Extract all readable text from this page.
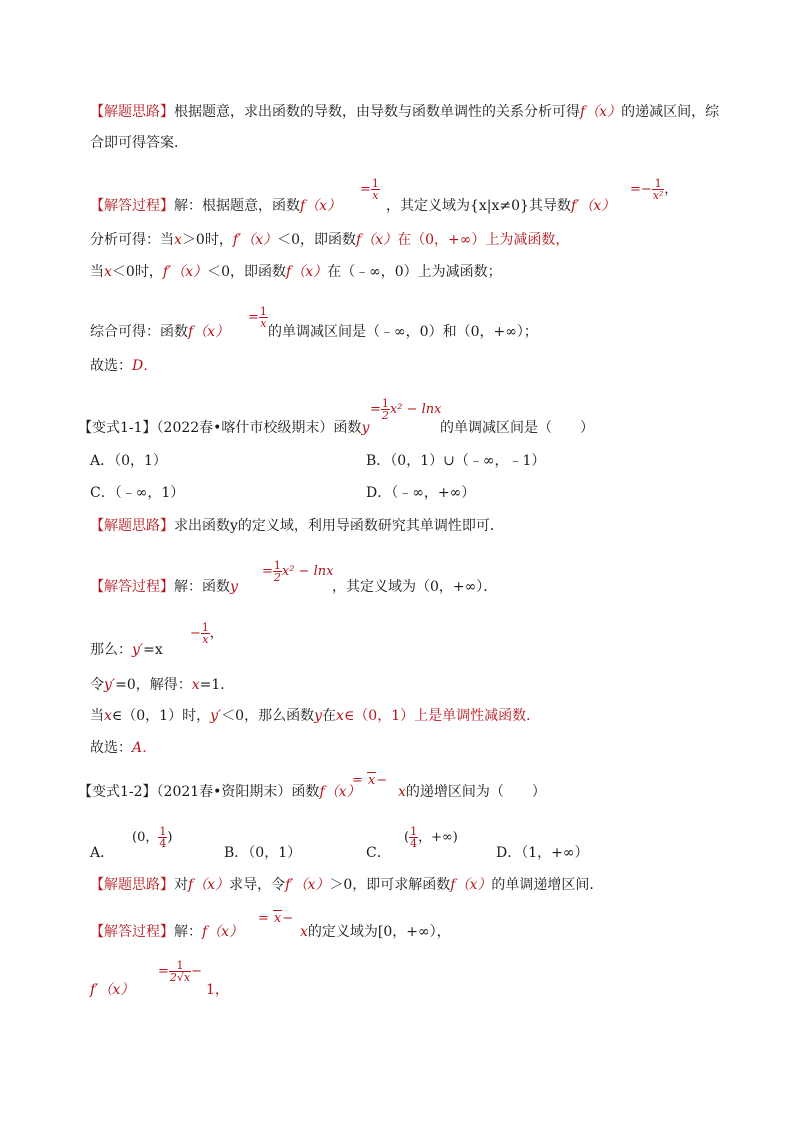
【解题思路】根据题意，求出函数的导数，由导数与函数单调性的关系分析可得f（x）的递减区间，综
合即可得答案．
【解答过程】解：根据题意，函数f（x）
= $\frac{1}{x}$
，其定义域为{x|x≠0}其导数f′（x）
=− $\frac{1}{\text{x²}}$ ，
分析可得：当x＞0时，f′（x）＜0，即函数f（x）在（0，+∞）上为减函数，
当x＜0时，f′（x）＜0，即函数f（x）在（﹣∞，0）上为减函数；
综合可得：函数f（x）
= $\frac{1}{x}$
的单调减区间是（﹣∞，0）和（0，+∞）；
故选：D．
【变式1-1】（2022春•喀什市校级期末）函数y
= $\frac{1}{2} x^2 - \ln x$
的单调减区间是（　　）
A．（0，1）	B．（0，1）∪（﹣∞，﹣1）
C．（﹣∞，1）	D．（﹣∞，+∞）
【解题思路】求出函数y的定义域，利用导函数研究其单调性即可．
【解答过程】解：函数y
= $\frac{1}{2} x^2 - \ln x$
，其定义域为（0，+∞）．
那么：y′=x
− $\frac{1}{x}$ ，
令y′=0，解得：x=1．
当x∈（0，1）时，y′＜0，那么函数y在x∈（0，1）上是单调性减函数．
故选：A．
【变式1-2】（2021春•资阳期末）函数f（x）
= x−
x的递增区间为（　　）
A．
(0， $\frac{1}{4}$ )
B．（0，1）	C．
( $\frac{1}{4}$ ，+∞)
D．（1，+∞）
【解题思路】对f（x）求导，令f′（x）＞0，即可求解函数f（x）的单调递增区间．
【解答过程】解：f（x）
= x−
x的定义域为[0，+∞），
f′（x）
= $\frac{1}{2√x}$ −
1，
